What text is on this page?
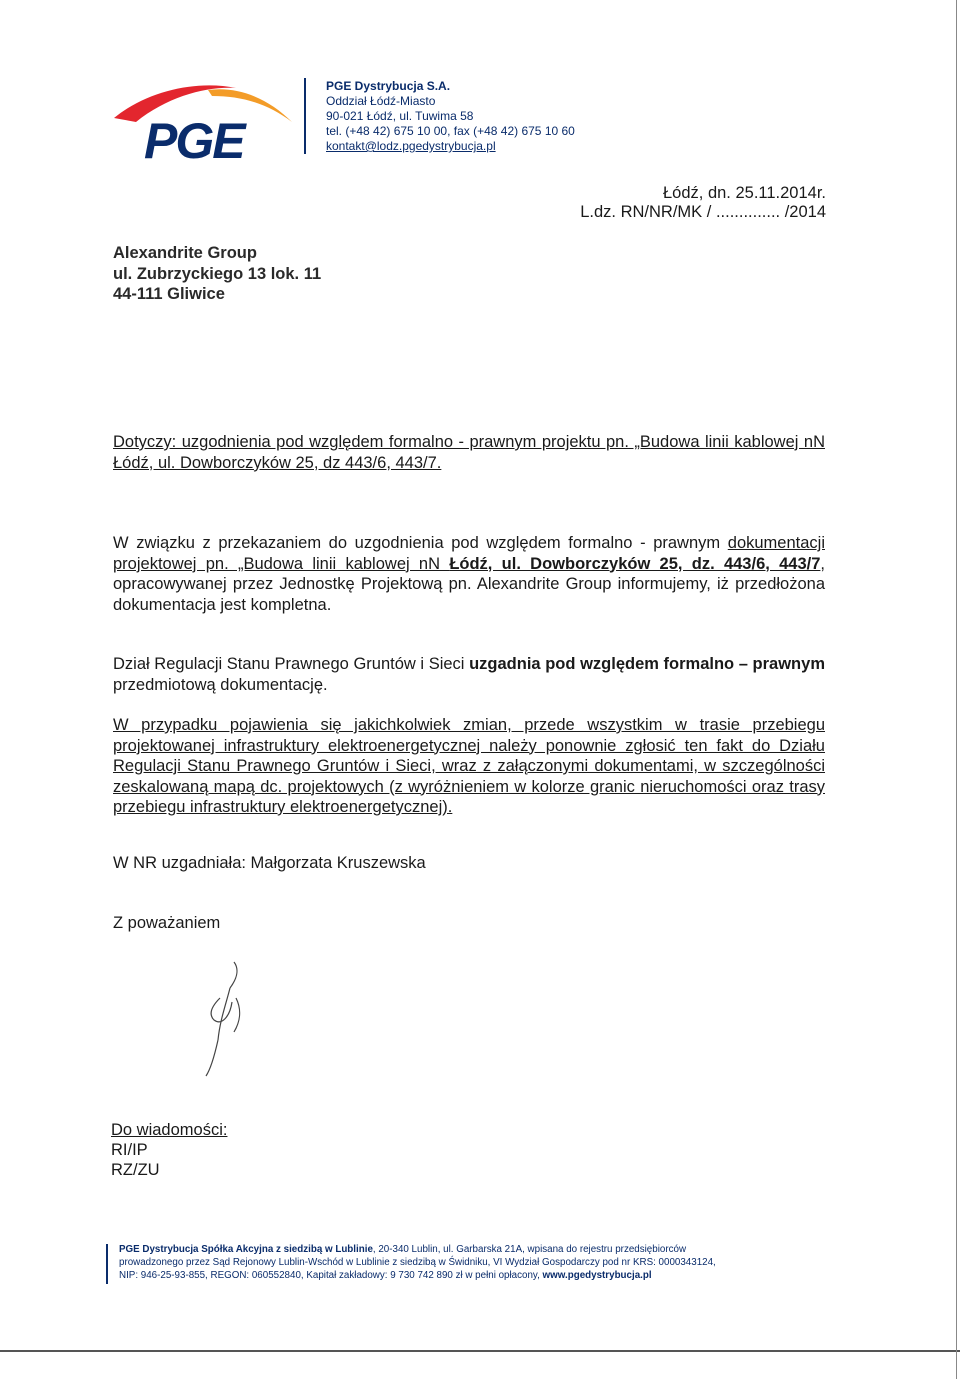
PGE
PGE Dystrybucja S.A.
Oddział Łódź-Miasto
90-021 Łódź, ul. Tuwima 58
tel. (+48 42) 675 10 00, fax (+48 42) 675 10 60
kontakt@lodz.pgedystrybucja.pl
Łódź, dn. 25.11.2014r.
L.dz. RN/NR/MK / .............. /2014
Alexandrite Group
ul. Zubrzyckiego 13 lok. 11
44-111 Gliwice
Dotyczy: uzgodnienia pod względem formalno - prawnym projektu pn. „Budowa linii kablowej nN Łódź, ul. Dowborczyków 25, dz 443/6, 443/7.
W związku z przekazaniem do uzgodnienia pod względem formalno - prawnym dokumentacji projektowej pn. „Budowa linii kablowej nN Łódź, ul. Dowborczyków 25, dz. 443/6, 443/7, opracowywanej przez Jednostkę Projektową pn. Alexandrite Group informujemy, iż przedłożona dokumentacja jest kompletna.
Dział Regulacji Stanu Prawnego Gruntów i Sieci uzgadnia pod względem formalno – prawnym przedmiotową dokumentację.
W przypadku pojawienia się jakichkolwiek zmian, przede wszystkim w trasie przebiegu projektowanej infrastruktury elektroenergetycznej należy ponownie zgłosić ten fakt do Działu Regulacji Stanu Prawnego Gruntów i Sieci, wraz z załączonymi dokumentami, w szczególności zeskalowaną mapą dc. projektowych (z wyróżnieniem w kolorze granic nieruchomości oraz trasy przebiegu infrastruktury elektroenergetycznej).
W NR uzgadniała: Małgorzata Kruszewska
Z poważaniem
Do wiadomości:
RI/IP
RZ/ZU
PGE Dystrybucja Spółka Akcyjna z siedzibą w Lublinie, 20-340 Lublin, ul. Garbarska 21A, wpisana do rejestru przedsiębiorców
prowadzonego przez Sąd Rejonowy Lublin-Wschód w Lublinie z siedzibą w Świdniku, VI Wydział Gospodarczy pod nr KRS: 0000343124,
NIP: 946-25-93-855, REGON: 060552840, Kapitał zakładowy: 9 730 742 890 zł w pełni opłacony, www.pgedystrybucja.pl
